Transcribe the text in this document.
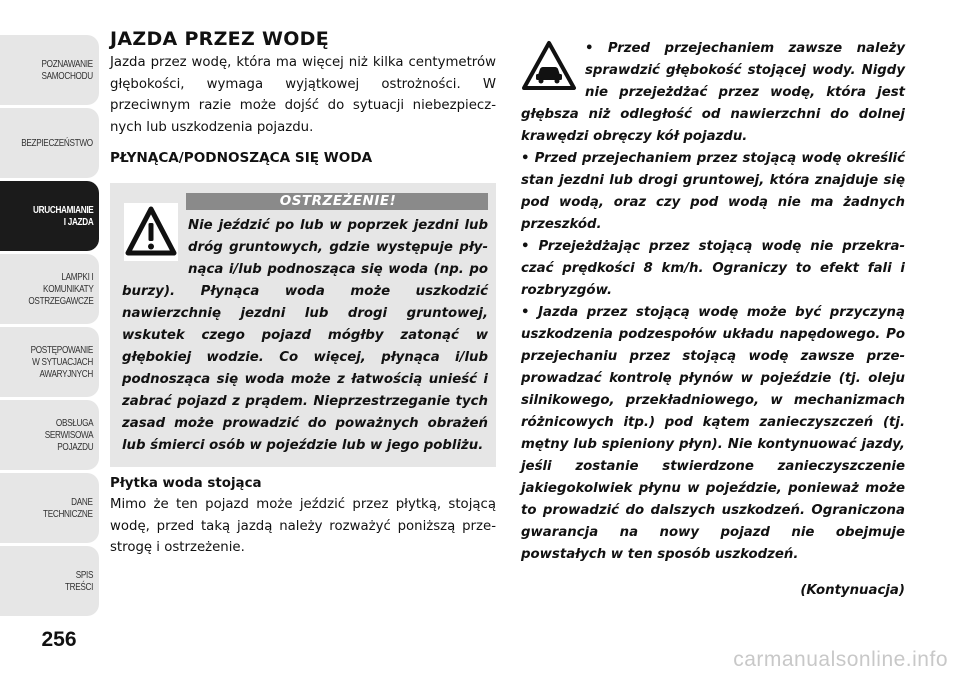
POZNAWANIE
SAMOCHODU
BEZPIECZEŃSTWO
URUCHAMIANIE
I JAZDA
LAMPKI I
KOMUNIKATY
OSTRZEGAWCZE
POSTĘPOWANIE
W SYTUACJACH
AWARYJNYCH
OBSŁUGA
SERWISOWA
POJAZDU
DANE
TECHNICZNE
SPIS
TREŚCI
256
JAZDA PRZEZ WODĘ

Jazda przez wodę, która ma więcej niż kilka centymetrów głębokości, wymaga wyjątkowej ostrożności. W przeciwnym razie może dojść do sytuacji niebezpiecznych lub uszkodzenia pojazdu.

PŁYNĄCA/PODNOSZĄCA SIĘ WODA
OSTRZEŻENIE!
Nie jeździć po lub w poprzek jezdni lub dróg gruntowych, gdzie występuje płynąca i/lub podnosząca się woda (np. po burzy). Płynąca woda może uszkodzić nawierzchnię jezdni lub drogi gruntowej, wskutek czego pojazd mógłby zatonąć w głębokiej wodzie. Co więcej, płynąca i/lub podnosząca się woda może z łatwością unieść i zabrać pojazd z prądem. Nieprzestrzeganie tych zasad może prowadzić do poważnych obrażeń lub śmierci osób w pojeździe lub w jego pobliżu.
Płytka woda stojąca

Mimo że ten pojazd może jeździć przez płytką, stojącą wodę, przed taką jazdą należy rozważyć poniższą przestrogę i ostrzeżenie.

• Przed przejechaniem zawsze należy sprawdzić głębokość stojącej wody. Nigdy nie przejeżdżać przez wodę, która jest głębsza niż odległość od nawierzchni do dolnej krawędzi obręczy kół pojazdu.

• Przed przejechaniem przez stojącą wodę określić stan jezdni lub drogi gruntowej, która znajduje się pod wodą, oraz czy pod wodą nie ma żadnych przeszkód.

• Przejeżdżając przez stojącą wodę nie przekraczać prędkości 8 km/h. Ograniczy to efekt fali i rozbryzgów.

• Jazda przez stojącą wodę może być przyczyną uszkodzenia podzespołów układu napędowego. Po przejechaniu przez stojącą wodę zawsze przeprowadzać kontrolę płynów w pojeździe (tj. oleju silnikowego, przekładniowego, w mechanizmach różnicowych itp.) pod kątem zanieczyszczeń (tj. mętny lub spieniony płyn). Nie kontynuować jazdy, jeśli zostanie stwierdzone zanieczyszczenie jakiegokolwiek płynu w pojeździe, ponieważ może to prowadzić do dalszych uszkodzeń. Ograniczona gwarancja na nowy pojazd nie obejmuje powstałych w ten sposób uszkodzeń.

(Kontynuacja)

carmanualsonline.info
